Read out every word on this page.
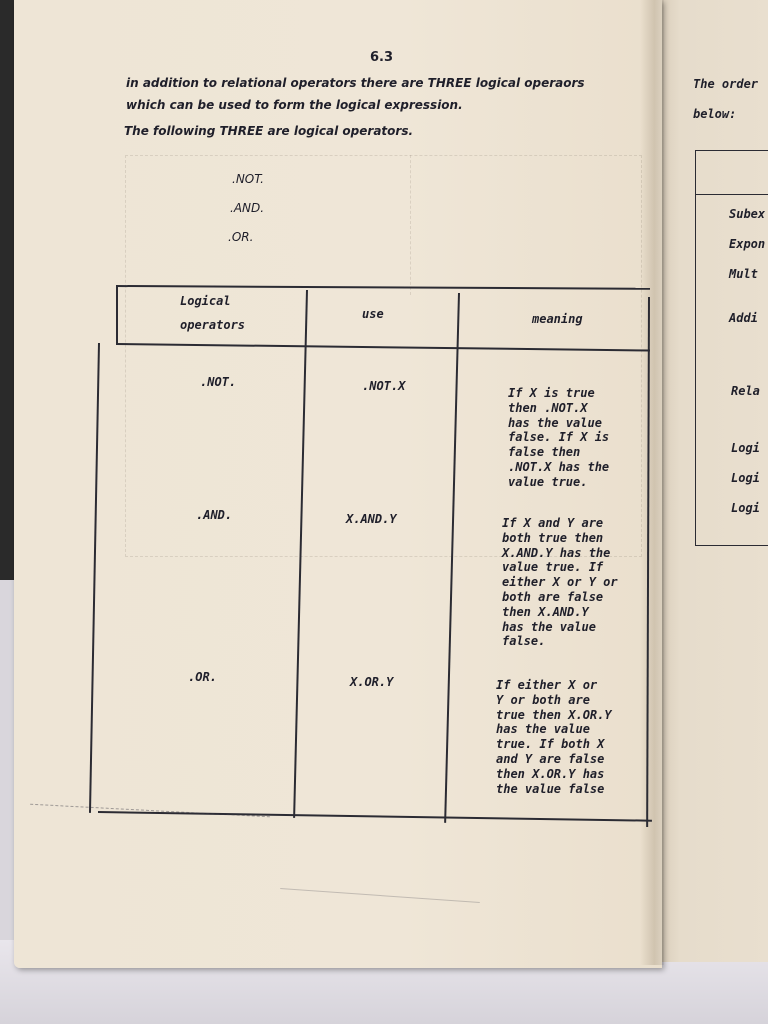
6.3
in addition to relational operators there are THREE logical operaors
which can be used to form the logical expression.
The following THREE are logical operators.
.NOT.
.AND.
.OR.
Logical
operators
use	meaning
.NOT.	.NOT.X	If X is true
then .NOT.X
has the value
false. If X is
false then
.NOT.X has the
value true.
.AND.	X.AND.Y	If X and Y are
both true then
X.AND.Y has the
value true. If
either X or Y or
both are false
then X.AND.Y
has the value
false.
.OR.	X.OR.Y	If either X or
Y or both are
true then X.OR.Y
has the value
true. If both X
and Y are false
then X.OR.Y has
the value false
The order
below:
Subex
Expon
Mult
Addi
Rela
Logi
Logi
Logi
